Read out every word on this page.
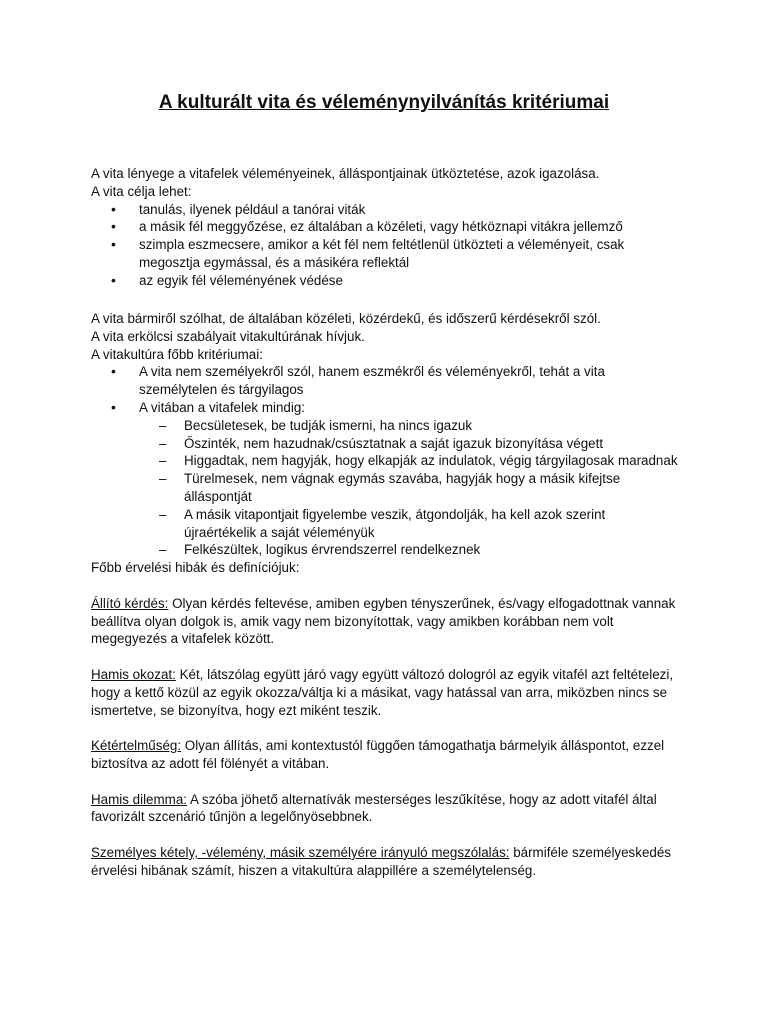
A kulturált vita és véleménynyilvánítás kritériumai

A vita lényege a vitafelek véleményeinek, álláspontjainak ütköztetése, azok igazolása.

A vita célja lehet:

• tanulás, ilyenek például a tanórai viták
• a másik fél meggyőzése, ez általában a közéleti, vagy hétköznapi vitákra jellemző
• szimpla eszmecsere, amikor a két fél nem feltétlenül ütközteti a véleményeit, csak megosztja egymással, és a másikéra reflektál
• az egyik fél véleményének védése

A vita bármiről szólhat, de általában közéleti, közérdekű, és időszerű kérdésekről szól.

A vita erkölcsi szabályait vitakultúrának hívjuk.

A vitakultúra főbb kritériumai:

• A vita nem személyekről szól, hanem eszmékről és véleményekről, tehát a vita személytelen és tárgyilagos
• A vitában a vitafelek mindig:
– Becsületesek, be tudják ismerni, ha nincs igazuk
– Őszinték, nem hazudnak/csúsztatnak a saját igazuk bizonyítása végett
– Higgadtak, nem hagyják, hogy elkapják az indulatok, végig tárgyilagosak maradnak
– Türelmesek, nem vágnak egymás szavába, hagyják hogy a másik kifejtse álláspontját
– A másik vitapontjait figyelembe veszik, átgondolják, ha kell azok szerint újraértékelik a saját véleményük
– Felkészültek, logikus érvrendszerrel rendelkeznek

Főbb érvelési hibák és definíciójuk:

Állító kérdés: Olyan kérdés feltevése, amiben egyben tényszerűnek, és/vagy elfogadottnak vannak beállítva olyan dolgok is, amik vagy nem bizonyítottak, vagy amikben korábban nem volt megegyezés a vitafelek között.

Hamis okozat: Két, látszólag együtt járó vagy együtt változó dologról az egyik vitafél azt feltételezi, hogy a kettő közül az egyik okozza/váltja ki a másikat, vagy hatással van arra, miközben nincs se ismertetve, se bizonyítva, hogy ezt miként teszik.

Kétértelműség: Olyan állítás, ami kontextustól függően támogathatja bármelyik álláspontot, ezzel biztosítva az adott fél fölényét a vitában.

Hamis dilemma: A szóba jöhető alternatívák mesterséges leszűkítése, hogy az adott vitafél által favorizált szcenárió tűnjön a legelőnyösebbnek.

Személyes kétely, -vélemény, másik személyére irányuló megszólalás: bármiféle személyeskedés érvelési hibának számít, hiszen a vitakultúra alappillére a személytelenség.
